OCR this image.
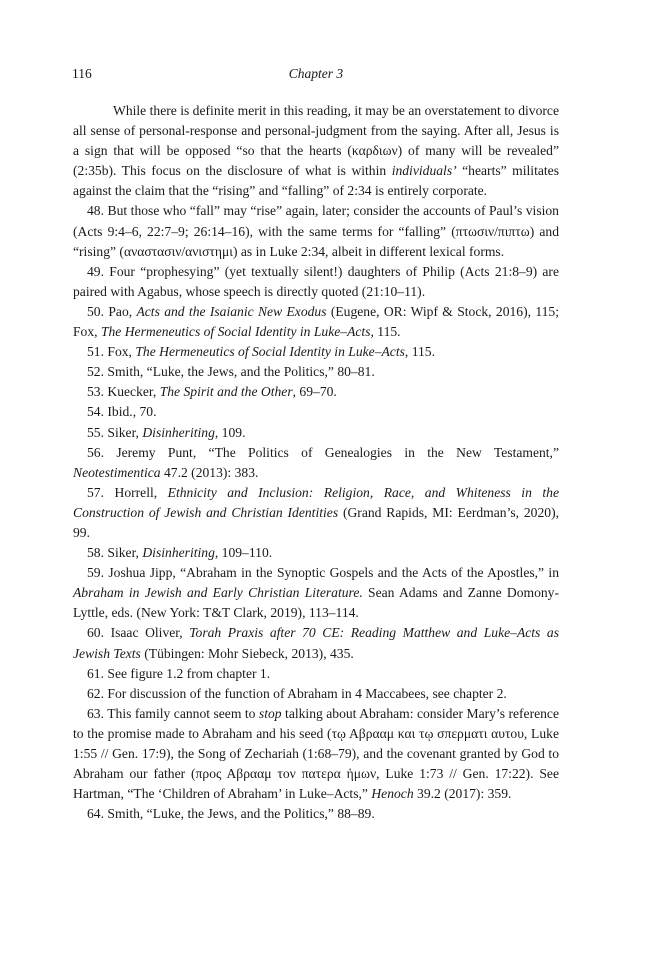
116	Chapter 3

While there is definite merit in this reading, it may be an overstatement to divorce all sense of personal-response and personal-judgment from the saying. After all, Jesus is a sign that will be opposed “so that the hearts (καρδιων) of many will be revealed” (2:35b). This focus on the disclosure of what is within individuals’ “hearts” militates against the claim that the “rising” and “falling” of 2:34 is entirely corporate.

48. But those who “fall” may “rise” again, later; consider the accounts of Paul’s vision (Acts 9:4–6, 22:7–9; 26:14–16), with the same terms for “falling” (πτωσιν/πιπτω) and “rising” (αναστασιν/ανιστημι) as in Luke 2:34, albeit in different lexical forms.

49. Four “prophesying” (yet textually silent!) daughters of Philip (Acts 21:8–9) are paired with Agabus, whose speech is directly quoted (21:10–11).

50. Pao, Acts and the Isaianic New Exodus (Eugene, OR: Wipf & Stock, 2016), 115; Fox, The Hermeneutics of Social Identity in Luke–Acts, 115.

51. Fox, The Hermeneutics of Social Identity in Luke–Acts, 115.

52. Smith, “Luke, the Jews, and the Politics,” 80–81.

53. Kuecker, The Spirit and the Other, 69–70.

54. Ibid., 70.

55. Siker, Disinheriting, 109.

56. Jeremy Punt, “The Politics of Genealogies in the New Testament,” Neotestimentica 47.2 (2013): 383.

57. Horrell, Ethnicity and Inclusion: Religion, Race, and Whiteness in the Construction of Jewish and Christian Identities (Grand Rapids, MI: Eerdman’s, 2020), 99.

58. Siker, Disinheriting, 109–110.

59. Joshua Jipp, “Abraham in the Synoptic Gospels and the Acts of the Apostles,” in Abraham in Jewish and Early Christian Literature. Sean Adams and Zanne Domony-Lyttle, eds. (New York: T&T Clark, 2019), 113–114.

60. Isaac Oliver, Torah Praxis after 70 CE: Reading Matthew and Luke–Acts as Jewish Texts (Tübingen: Mohr Siebeck, 2013), 435.

61. See figure 1.2 from chapter 1.

62. For discussion of the function of Abraham in 4 Maccabees, see chapter 2.

63. This family cannot seem to stop talking about Abraham: consider Mary’s reference to the promise made to Abraham and his seed (τῳ Αβρααμ και τῳ σπερματι αυτου, Luke 1:55 // Gen. 17:9), the Song of Zechariah (1:68–79), and the covenant granted by God to Abraham our father (προς Αβρααμ τον πατερα ἡμων, Luke 1:73 // Gen. 17:22). See Hartman, “The ‘Children of Abraham’ in Luke–Acts,” Henoch 39.2 (2017): 359.

64. Smith, “Luke, the Jews, and the Politics,” 88–89.
